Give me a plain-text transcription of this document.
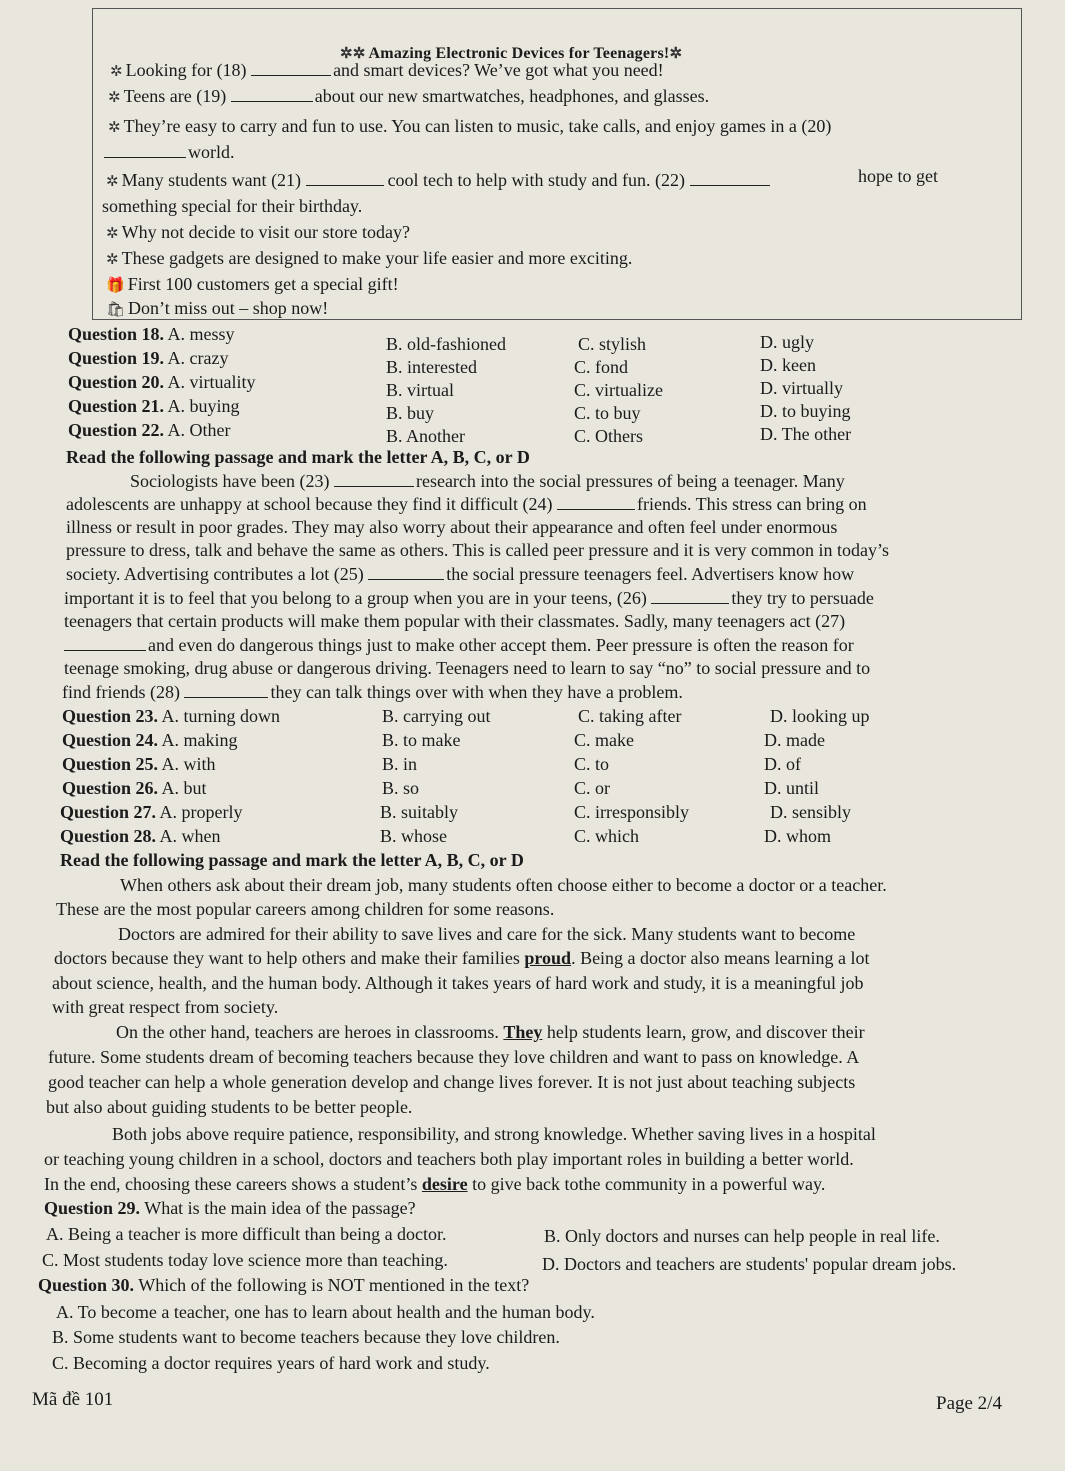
✲✲ Amazing Electronic Devices for Teenagers!✲
✲ Looking for (18)	and smart devices? We’ve got what you need!
✲ Teens are (19)	about our new smartwatches, headphones, and glasses.
✲ They’re easy to carry and fun to use. You can listen to music, take calls, and enjoy games in a (20)
world.
✲ Many students want (21)	cool tech to help with study and fun. (22)	hope to get
something special for their birthday.
✲ Why not decide to visit our store today?
✲ These gadgets are designed to make your life easier and more exciting.
🎁 First 100 customers get a special gift!
🛍 Don’t miss out – shop now!
Question 18. A. messy	B. old-fashioned	C. stylish	D. ugly
Question 19. A. crazy	B. interested	C. fond	D. keen
Question 20. A. virtuality	B. virtual	C. virtualize	D. virtually
Question 21. A. buying	B. buy	C. to buy	D. to buying
Question 22. A. Other	B. Another	C. Others	D. The other
Read the following passage and mark the letter A, B, C, or D
Sociologists have been (23)	research into the social pressures of being a teenager. Many
adolescents are unhappy at school because they find it difficult (24)	friends. This stress can bring on
illness or result in poor grades. They may also worry about their appearance and often feel under enormous
pressure to dress, talk and behave the same as others. This is called peer pressure and it is very common in today’s
society. Advertising contributes a lot (25)	the social pressure teenagers feel. Advertisers know how
important it is to feel that you belong to a group when you are in your teens, (26)	they try to persuade
teenagers that certain products will make them popular with their classmates. Sadly, many teenagers act (27)
and even do dangerous things just to make other accept them. Peer pressure is often the reason for
teenage smoking, drug abuse or dangerous driving. Teenagers need to learn to say “no” to social pressure and to
find friends (28)	they can talk things over with when they have a problem.
Question 23. A. turning down	B. carrying out	C. taking after	D. looking up
Question 24. A. making	B. to make	C. make	D. made
Question 25. A. with	B. in	C. to	D. of
Question 26. A. but	B. so	C. or	D. until
Question 27. A. properly	B. suitably	C. irresponsibly	D. sensibly
Question 28. A. when	B. whose	C. which	D. whom
Read the following passage and mark the letter A, B, C, or D
When others ask about their dream job, many students often choose either to become a doctor or a teacher.
These are the most popular careers among children for some reasons.
Doctors are admired for their ability to save lives and care for the sick. Many students want to become
doctors because they want to help others and make their families proud. Being a doctor also means learning a lot
about science, health, and the human body. Although it takes years of hard work and study, it is a meaningful job
with great respect from society.
On the other hand, teachers are heroes in classrooms. They help students learn, grow, and discover their
future. Some students dream of becoming teachers because they love children and want to pass on knowledge. A
good teacher can help a whole generation develop and change lives forever. It is not just about teaching subjects
but also about guiding students to be better people.
Both jobs above require patience, responsibility, and strong knowledge. Whether saving lives in a hospital
or teaching young children in a school, doctors and teachers both play important roles in building a better world.
In the end, choosing these careers shows a student’s desire to give back tothe community in a powerful way.
Question 29. What is the main idea of the passage?
A. Being a teacher is more difficult than being a doctor.	B. Only doctors and nurses can help people in real life.
C. Most students today love science more than teaching.	D. Doctors and teachers are students' popular dream jobs.
Question 30. Which of the following is NOT mentioned in the text?
A. To become a teacher, one has to learn about health and the human body.
B. Some students want to become teachers because they love children.
C. Becoming a doctor requires years of hard work and study.
Mã đề 101	Page 2/4
